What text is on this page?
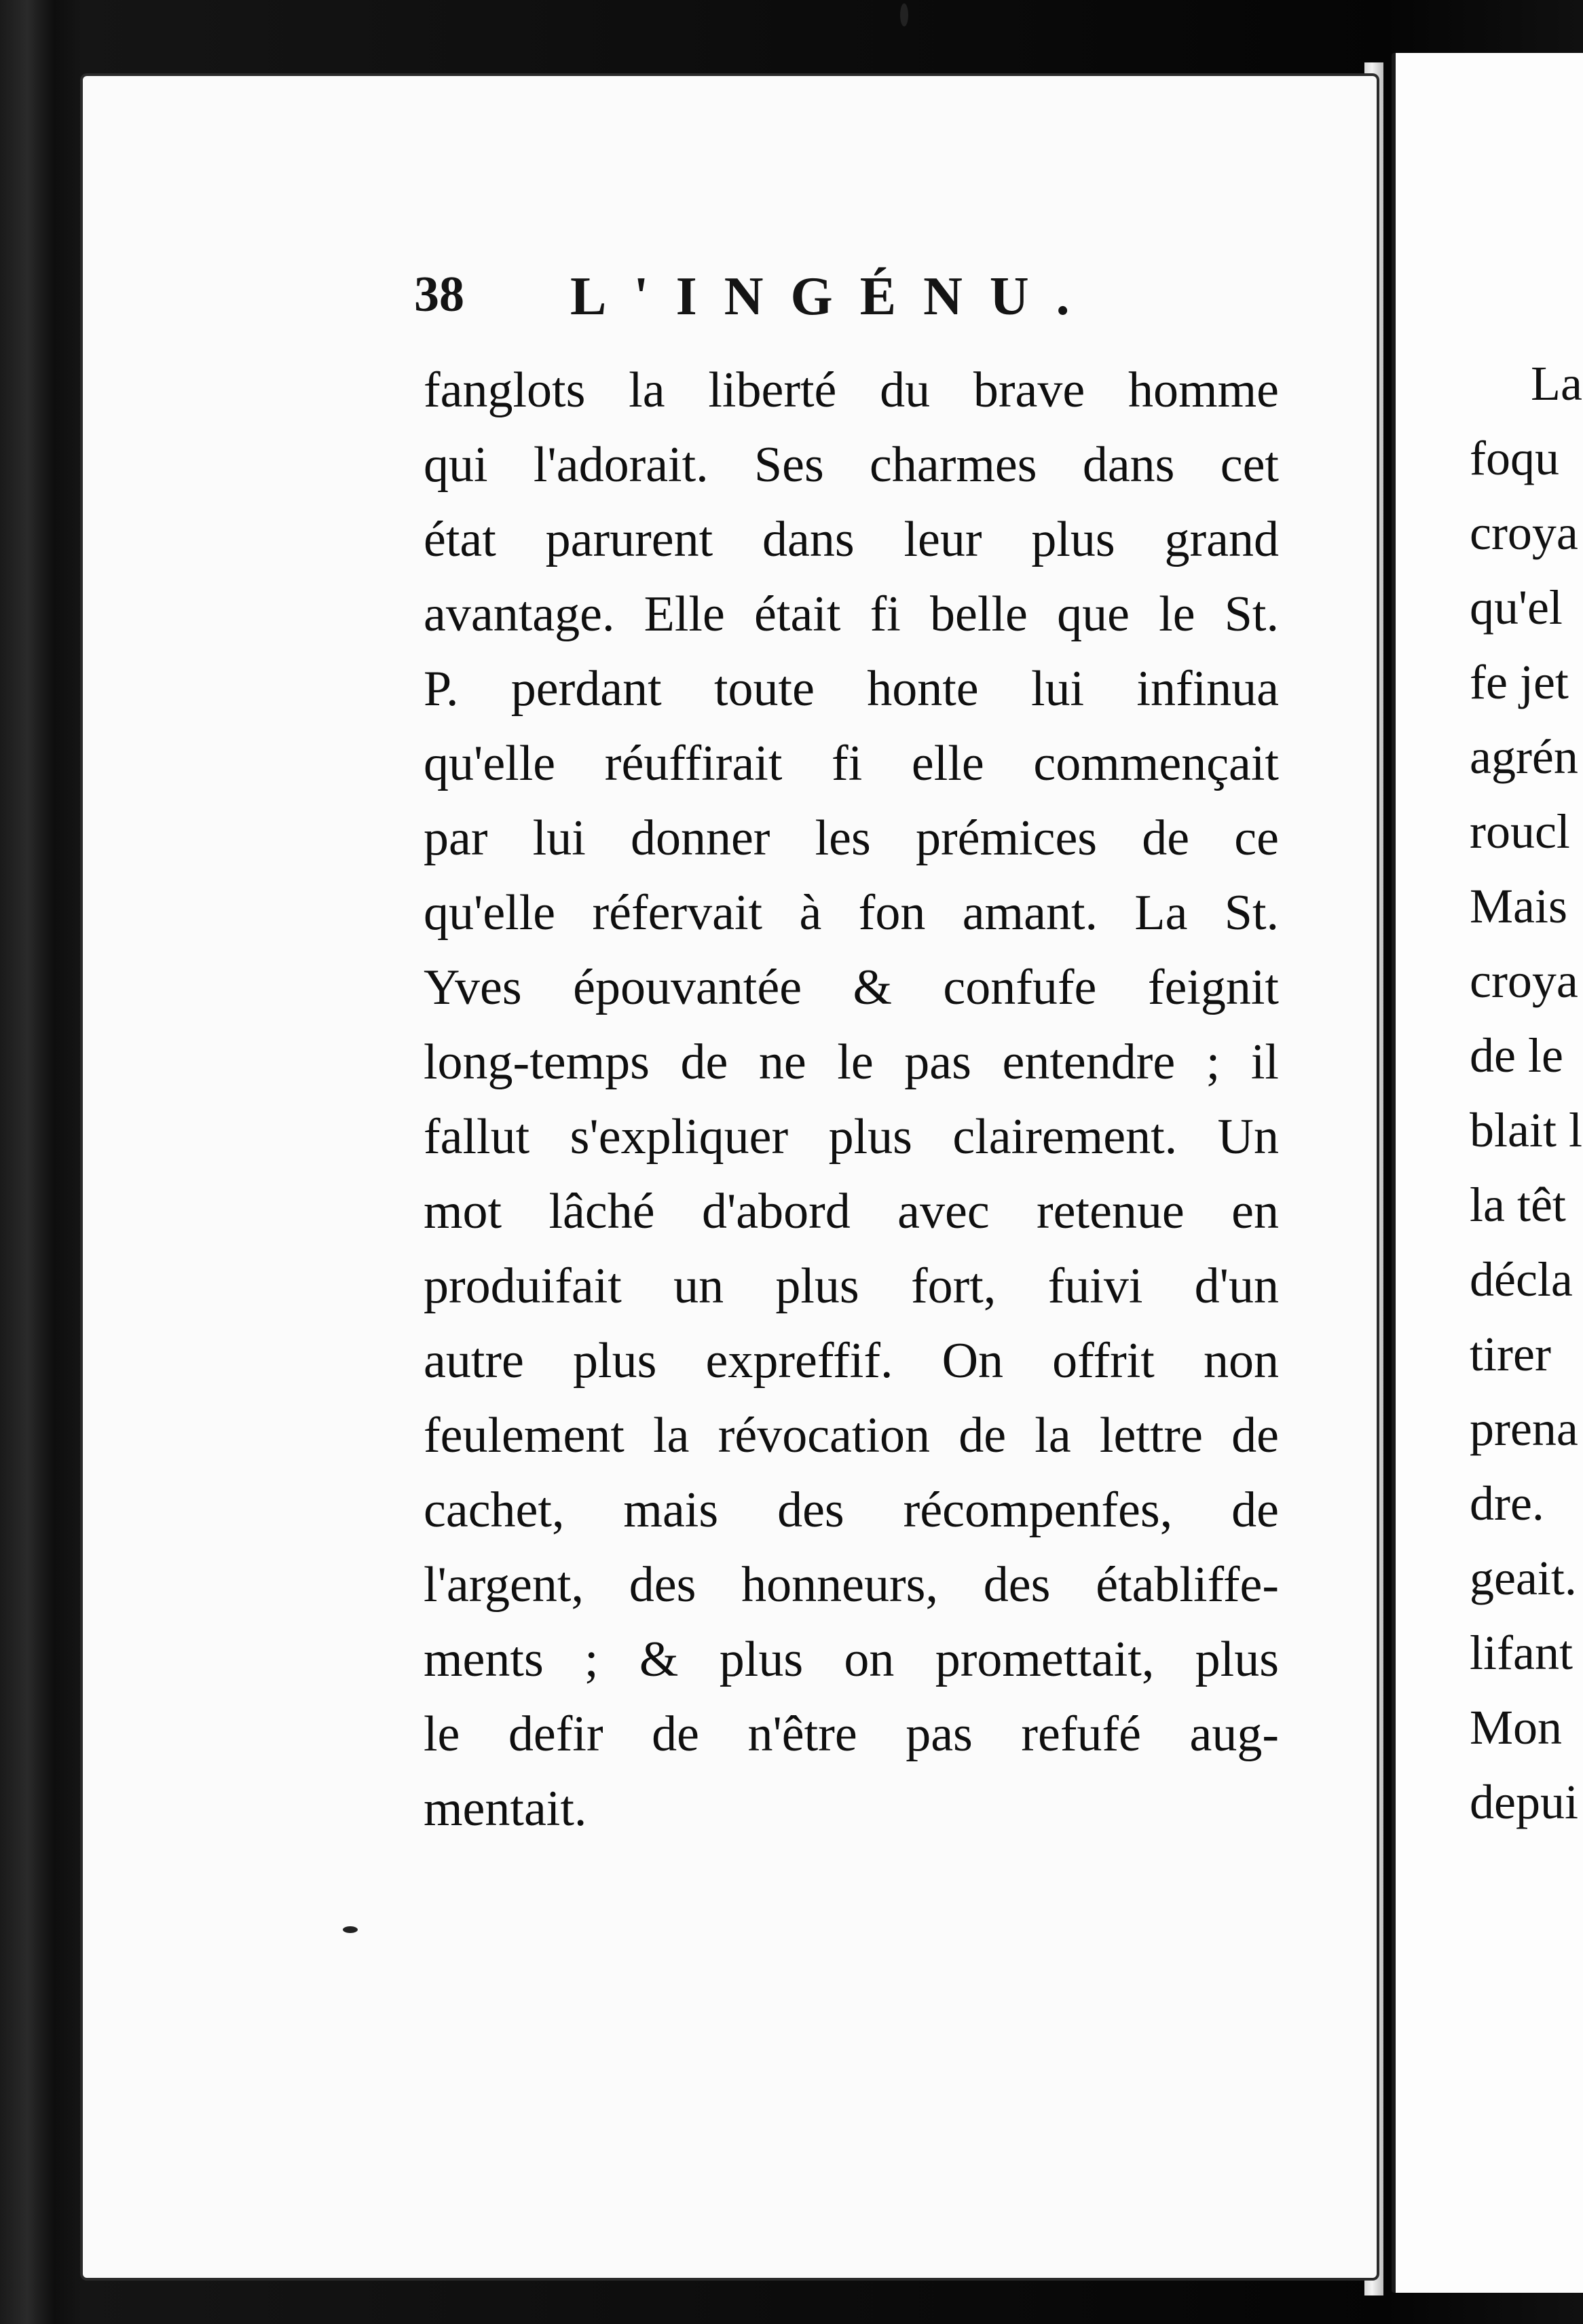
38 L'INGÉNU.
fanglots la liberté du brave homme
qui l'adorait. Ses charmes dans cet
état parurent dans leur plus grand
avantage. Elle était fi belle que le St.
P. perdant toute honte lui infinua
qu'elle réuffirait fi elle commençait
par lui donner les prémices de ce
qu'elle réfervait à fon amant. La St.
Yves épouvantée & confufe feignit
long-temps de ne le pas entendre ; il
fallut s'expliquer plus clairement. Un
mot lâché d'abord avec retenue en
produifait un plus fort, fuivi d'un
autre plus expreffif. On offrit non
feulement la révocation de la lettre de
cachet, mais des récompenfes, de
l'argent, des honneurs, des établiffe-
ments ; & plus on promettait, plus
le defir de n'être pas refufé aug-
mentait.
La
foqu
croya
qu'el
fe jet
agrén
roucl
Mais
croya
de le
blait l
la têt
décla
tirer
prena
dre.
geait.
lifant
Mon
depui
